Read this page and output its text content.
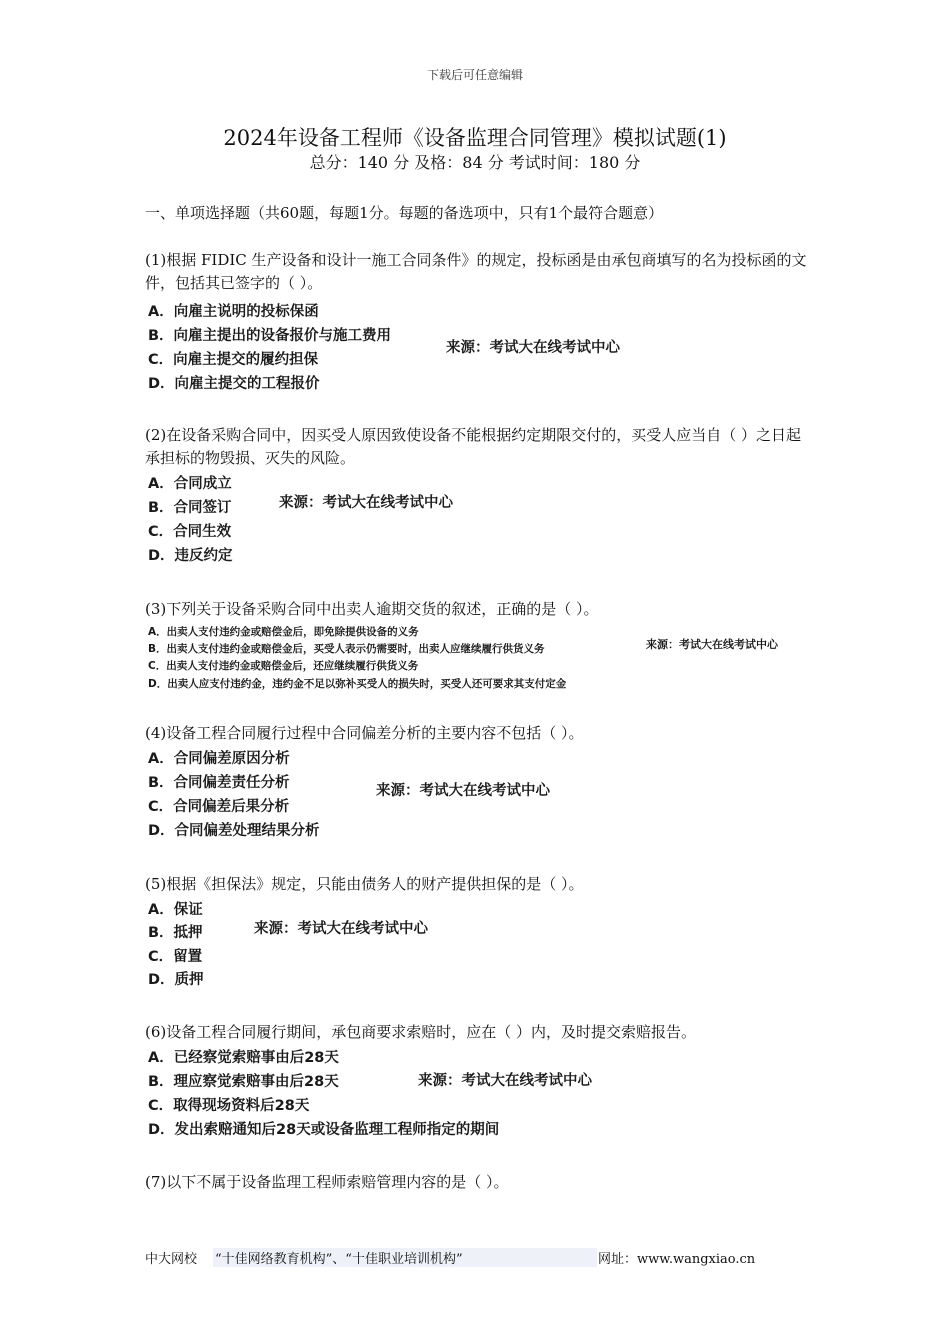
下载后可任意编辑
2024年设备工程师《设备监理合同管理》模拟试题(1)
总分：140 分 及格：84 分 考试时间：180 分
一、单项选择题（共60题，每题1分。每题的备选项中，只有1个最符合题意）
(1)根据 FIDIC 生产设备和设计一施工合同条件》的规定，投标函是由承包商填写的名为投标函的文件，包括其已签字的（ ）。
A．向雇主说明的投标保函
B．向雇主提出的设备报价与施工费用
C．向雇主提交的履约担保
D．向雇主提交的工程报价
来源：考试大在线考试中心
(2)在设备采购合同中，因买受人原因致使设备不能根据约定期限交付的，买受人应当自（ ）之日起承担标的物毁损、灭失的风险。
A．合同成立
B．合同签订
C．合同生效
D．违反约定
来源：考试大在线考试中心
(3)下列关于设备采购合同中出卖人逾期交货的叙述，正确的是（ ）。
A．出卖人支付违约金或赔偿金后，即免除提供设备的义务
B．出卖人支付违约金或赔偿金后，买受人表示仍需要时，出卖人应继续履行供货义务
C．出卖人支付违约金或赔偿金后，还应继续履行供货义务
D．出卖人应支付违约金，违约金不足以弥补买受人的损失时，买受人还可要求其支付定金
来源：考试大在线考试中心
(4)设备工程合同履行过程中合同偏差分析的主要内容不包括（ ）。
A．合同偏差原因分析
B．合同偏差责任分析
C．合同偏差后果分析
D．合同偏差处理结果分析
来源：考试大在线考试中心
(5)根据《担保法》规定，只能由债务人的财产提供担保的是（ ）。
A．保证
B．抵押
C．留置
D．质押
来源：考试大在线考试中心
(6)设备工程合同履行期间，承包商要求索赔时，应在（ ）内，及时提交索赔报告。
A．已经察觉索赔事由后28天
B．理应察觉索赔事由后28天
C．取得现场资料后28天
D．发出索赔通知后28天或设备监理工程师指定的期间
来源：考试大在线考试中心
(7)以下不属于设备监理工程师索赔管理内容的是（ ）。
中大网校 “十佳网络教育机构”、“十佳职业培训机构”	网址：www.wangxiao.cn
